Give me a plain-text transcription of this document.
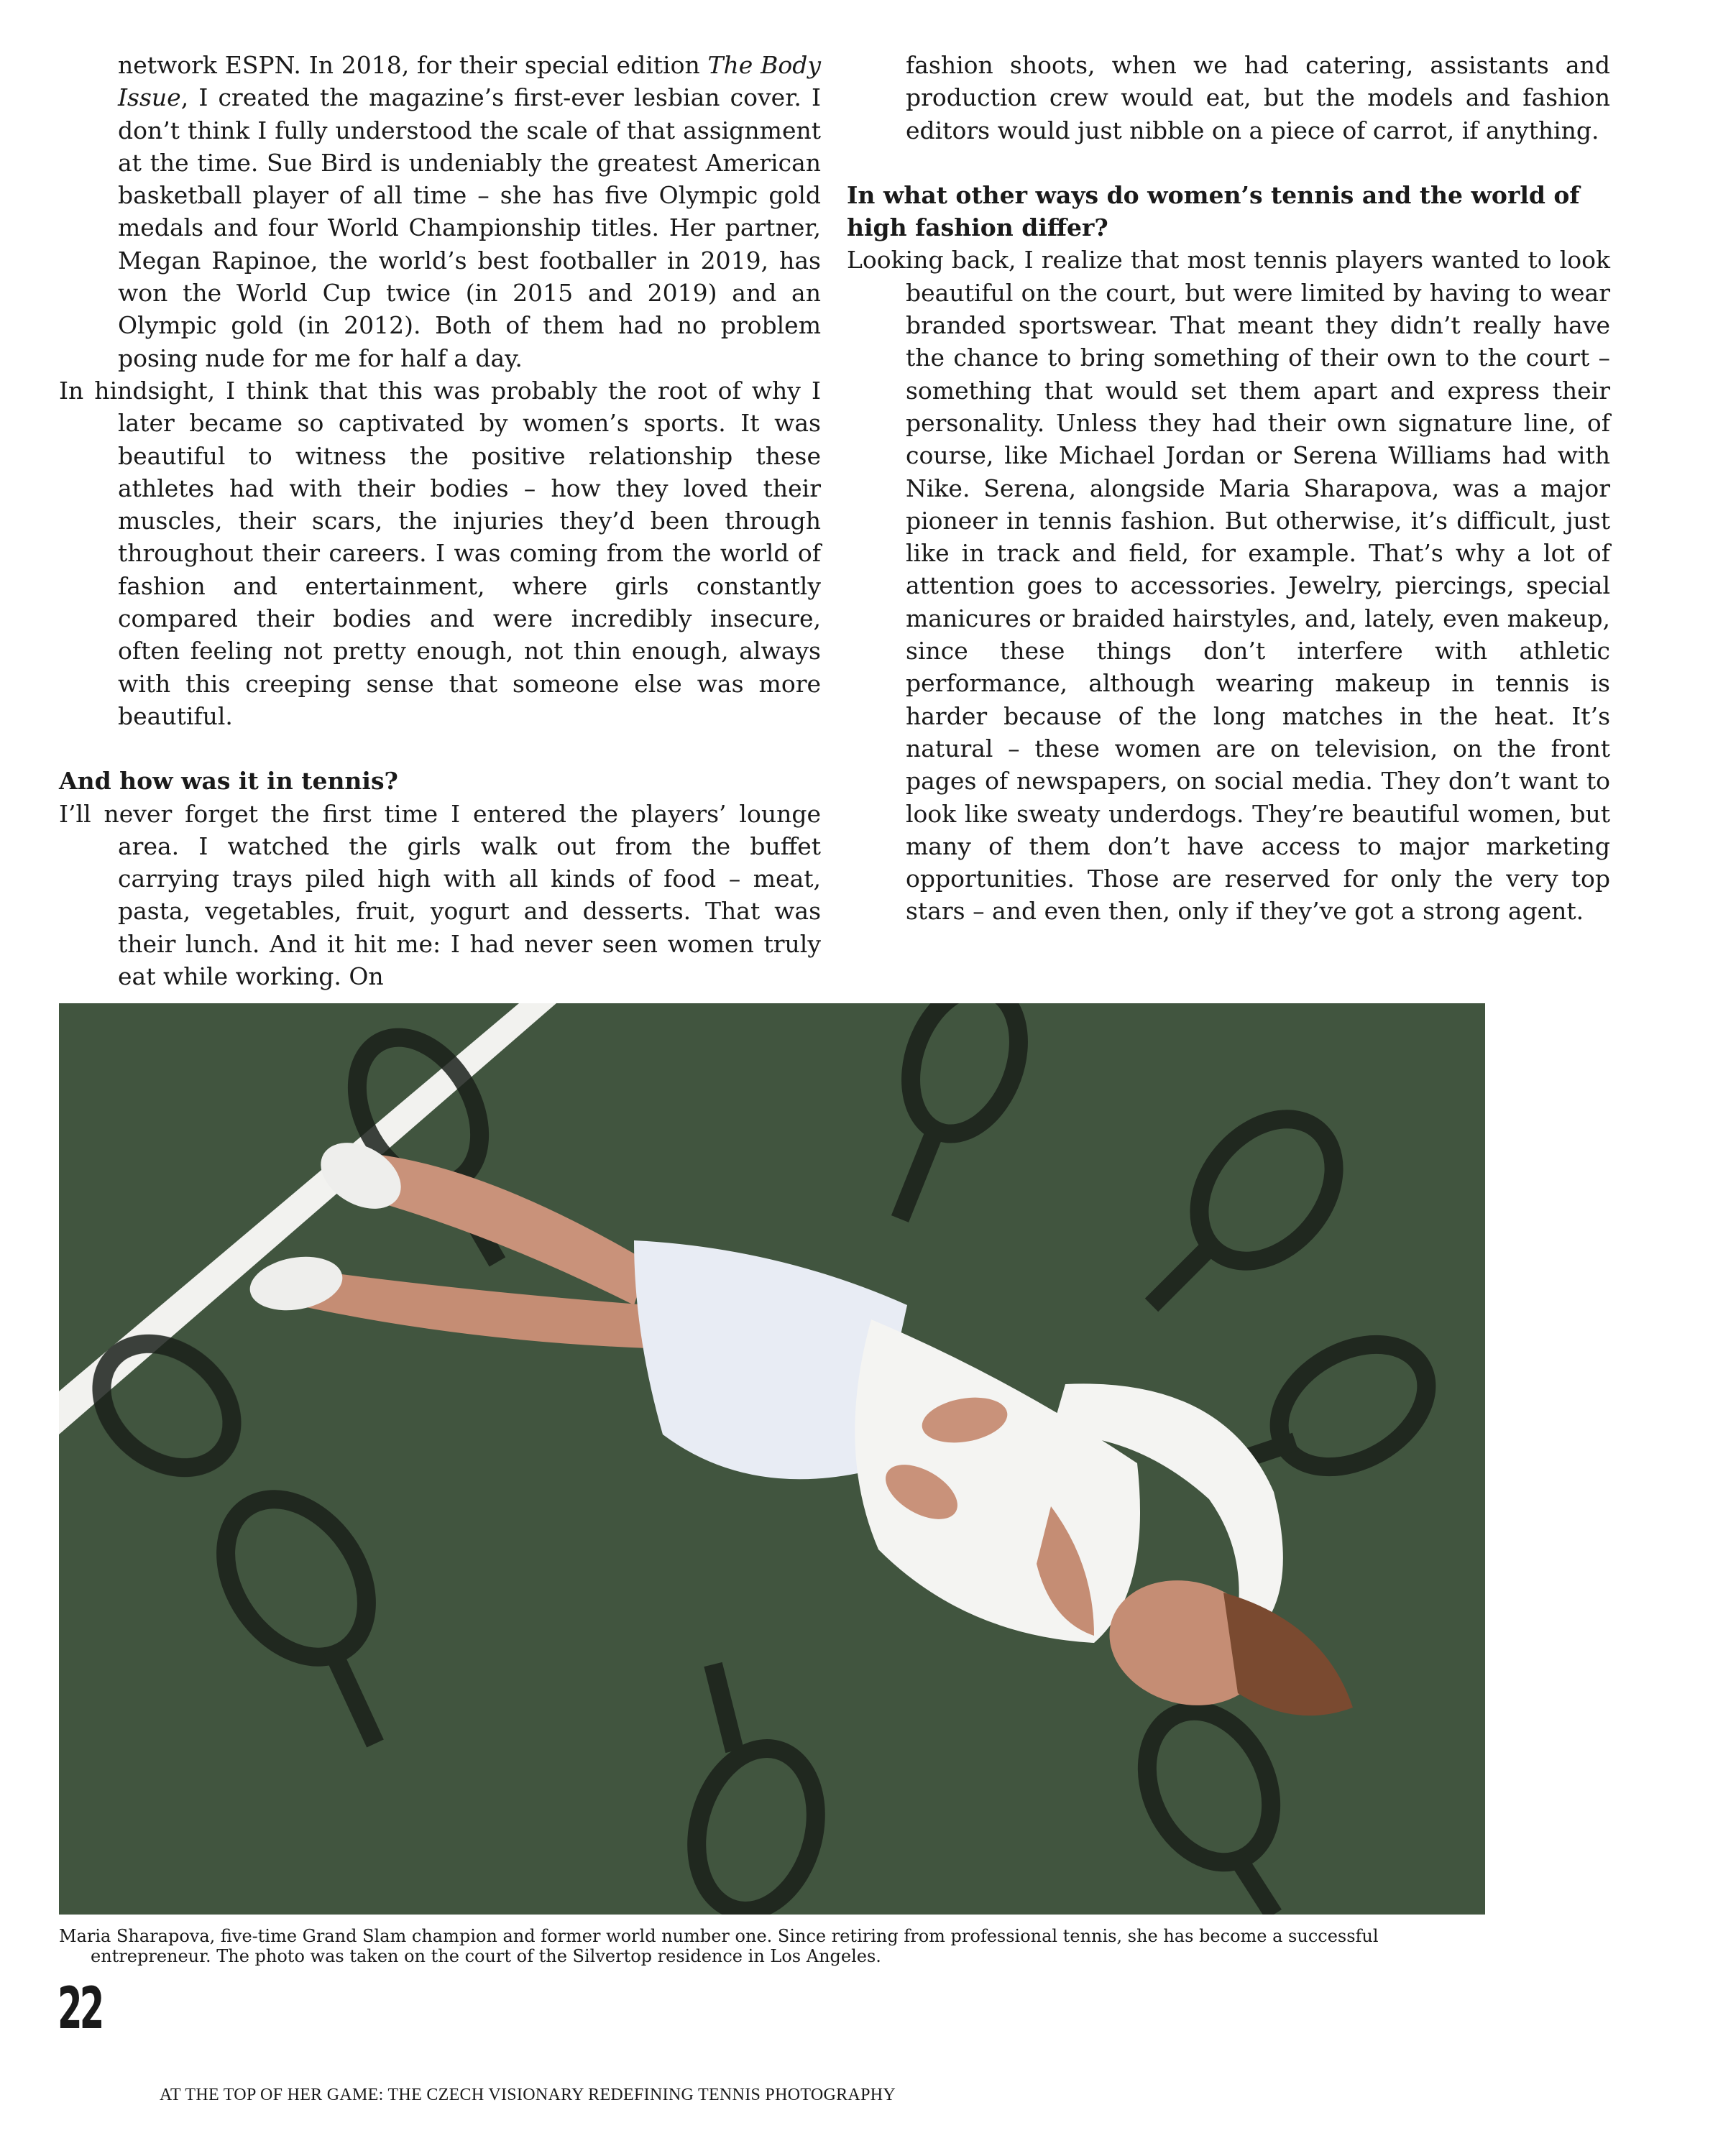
network ESPN. In 2018, for their special edition The Body Issue, I created the magazine’s first-ever lesbian cover. I don’t think I fully understood the scale of that assignment at the time. Sue Bird is undeniably the greatest American basketball player of all time – she has five Olympic gold medals and four World Championship titles. Her partner, Megan Rapinoe, the world’s best footballer in 2019, has won the World Cup twice (in 2015 and 2019) and an Olympic gold (in 2012). Both of them had no problem posing nude for me for half a day.

In hindsight, I think that this was probably the root of why I later became so captivated by women’s sports. It was beautiful to witness the positive relationship these athletes had with their bodies – how they loved their muscles, their scars, the injuries they’d been through throughout their careers. I was coming from the world of fashion and entertainment, where girls constantly compared their bodies and were incredibly insecure, often feeling not pretty enough, not thin enough, always with this creeping sense that someone else was more beautiful.

And how was it in tennis?

I’ll never forget the first time I entered the players’ lounge area. I watched the girls walk out from the buffet carrying trays piled high with all kinds of food – meat, pasta, vegetables, fruit, yogurt and desserts. That was their lunch. And it hit me: I had never seen women truly eat while working. On

fashion shoots, when we had catering, assistants and production crew would eat, but the models and fashion editors would just nibble on a piece of carrot, if anything.

In what other ways do women’s tennis and the world of high fashion differ?

Looking back, I realize that most tennis players wanted to look beautiful on the court, but were limited by having to wear branded sportswear. That meant they didn’t really have the chance to bring something of their own to the court – something that would set them apart and express their personality. Unless they had their own signature line, of course, like Michael Jordan or Serena Williams had with Nike. Serena, alongside Maria Sharapova, was a major pioneer in tennis fashion. But otherwise, it’s difficult, just like in track and field, for example. That’s why a lot of attention goes to accessories. Jewelry, piercings, special manicures or braided hairstyles, and, lately, even makeup, since these things don’t interfere with athletic performance, although wearing makeup in tennis is harder because of the long matches in the heat. It’s natural – these women are on television, on the front pages of newspapers, on social media. They don’t want to look like sweaty underdogs. They’re beautiful women, but many of them don’t have access to major marketing opportunities. Those are reserved for only the very top stars – and even then, only if they’ve got a strong agent.

Maria Sharapova, five-time Grand Slam champion and former world number one. Since retiring from professional tennis, she has become a successful entrepreneur. The photo was taken on the court of the Silvertop residence in Los Angeles.

22
AT THE TOP OF HER GAME: THE CZECH VISIONARY REDEFINING TENNIS PHOTOGRAPHY
